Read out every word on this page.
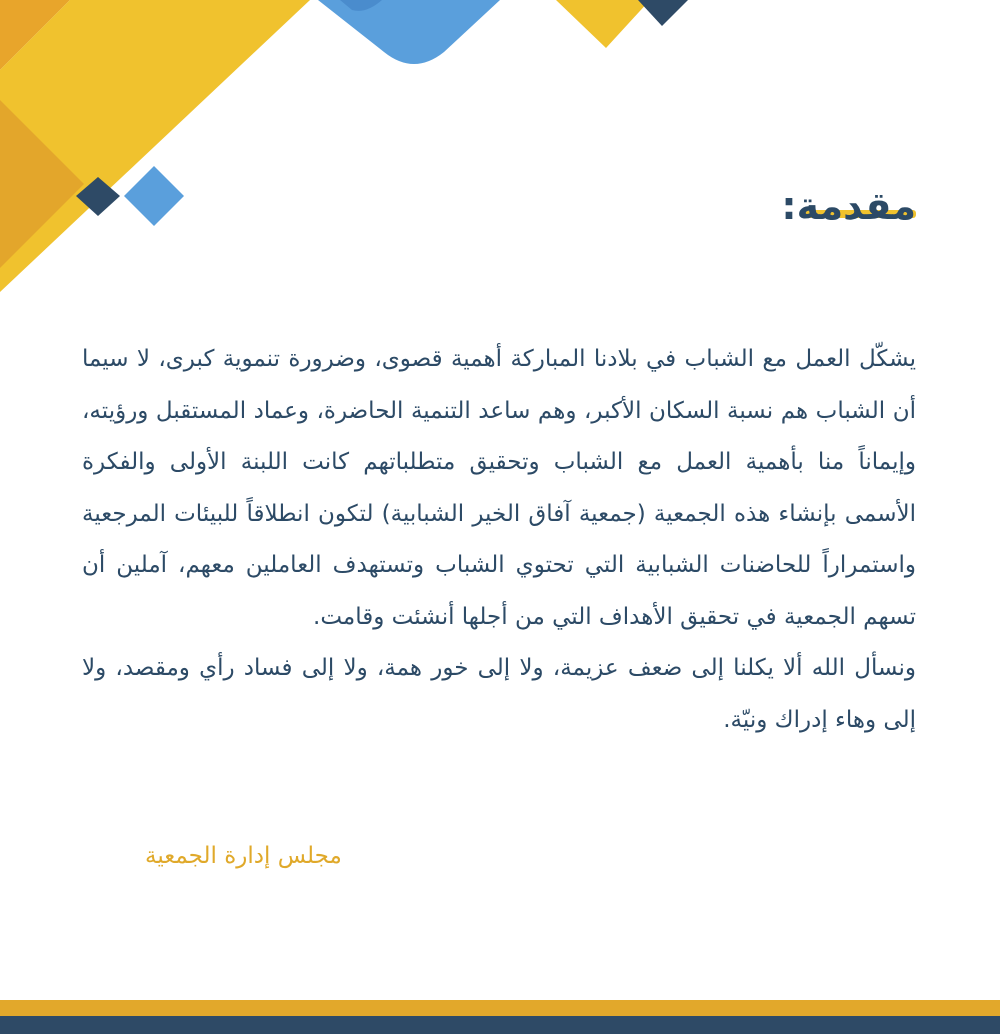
مقدمة:

يشكّل العمل مع الشباب في بلادنا المباركة أهمية قصوى، وضرورة تنموية كبرى، لا سيما أن الشباب هم نسبة السكان الأكبر، وهم ساعد التنمية الحاضرة، وعماد المستقبل ورؤيته، وإيماناً منا بأهمية العمل مع الشباب وتحقيق متطلباتهم كانت اللبنة الأولى والفكرة الأسمى بإنشاء هذه الجمعية (جمعية آفاق الخير الشبابية) لتكون انطلاقاً للبيئات المرجعية واستمراراً للحاضنات الشبابية التي تحتوي الشباب وتستهدف العاملين معهم، آملين أن تسهم الجمعية في تحقيق الأهداف التي من أجلها أنشئت وقامت.

ونسأل الله ألا يكلنا إلى ضعف عزيمة، ولا إلى خور همة، ولا إلى فساد رأي ومقصد، ولا إلى وهاء إدراك ونيّة.

مجلس إدارة الجمعية
